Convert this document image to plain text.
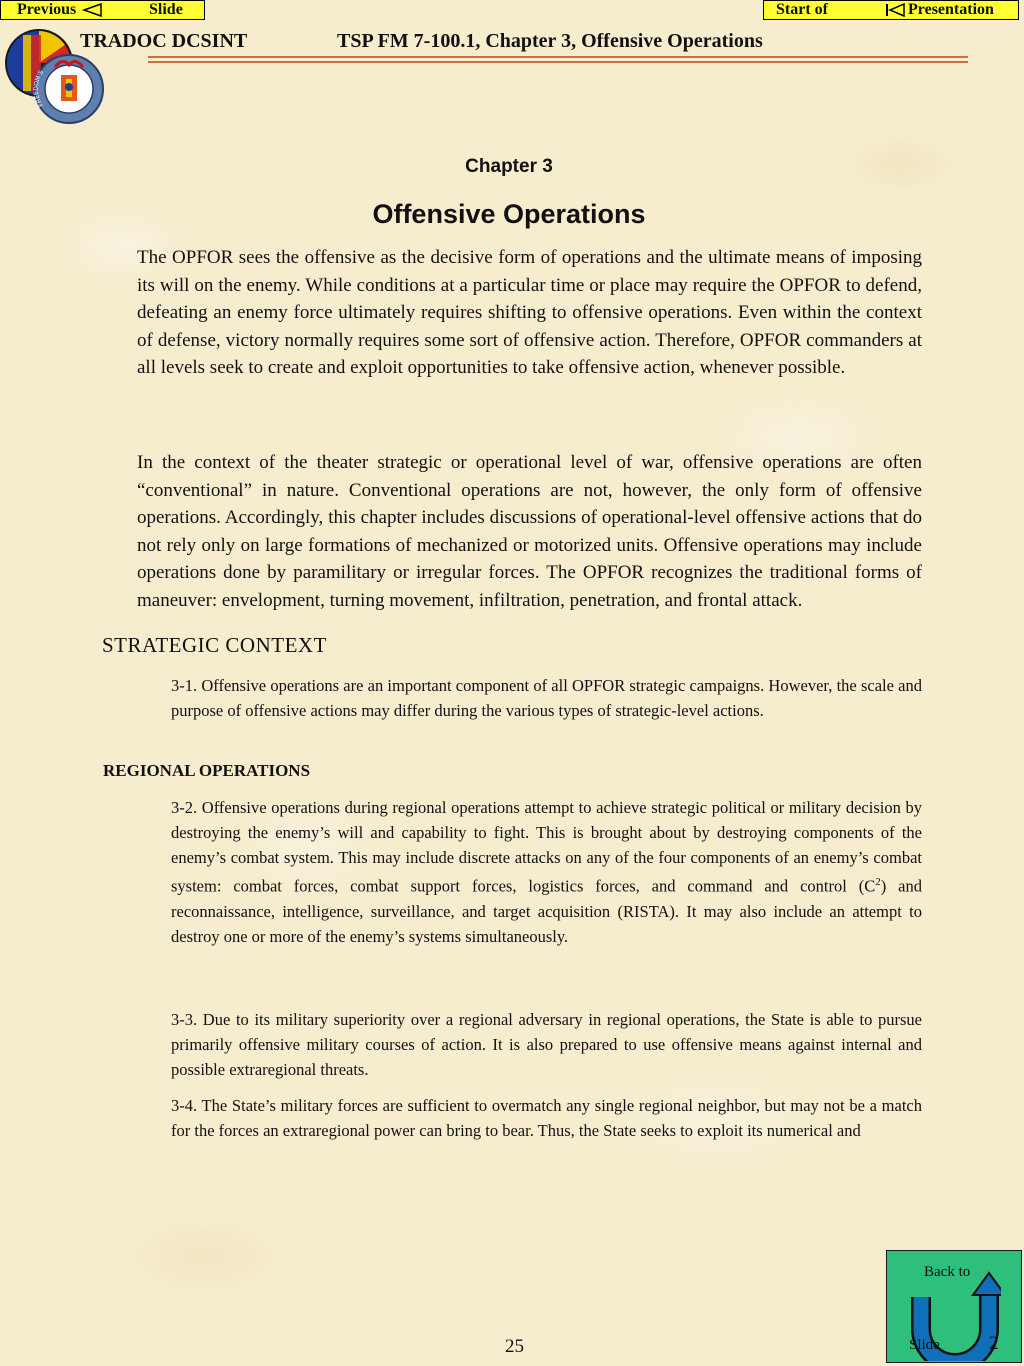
Previous	Slide	Start of	Presentation
FREEDOM'S
TRADOC DCSINT	TSP FM 7-100.1, Chapter 3, Offensive Operations
Chapter 3
Offensive Operations

The OPFOR sees the offensive as the decisive form of operations and the ultimate means of imposing its will on the enemy. While conditions at a particular time or place may require the OPFOR to defend, defeating an enemy force ultimately requires shifting to offensive operations. Even within the context of defense, victory normally requires some sort of offensive action. Therefore, OPFOR commanders at all levels seek to create and exploit opportunities to take offensive action, whenever possible.

In the context of the theater strategic or operational level of war, offensive operations are often “conventional” in nature. Conventional operations are not, however, the only form of offensive operations. Accordingly, this chapter includes discussions of operational-level offensive actions that do not rely only on large formations of mechanized or motorized units. Offensive operations may include operations done by paramilitary or irregular forces. The OPFOR recognizes the traditional forms of maneuver: envelopment, turning movement, infiltration, penetration, and frontal attack.

STRATEGIC CONTEXT

3-1. Offensive operations are an important component of all OPFOR strategic campaigns. However, the scale and purpose of offensive actions may differ during the various types of strategic-level actions.

REGIONAL OPERATIONS

3-2. Offensive operations during regional operations attempt to achieve strategic political or military decision by destroying the enemy’s will and capability to fight. This is brought about by destroying components of the enemy’s combat system. This may include discrete attacks on any of the four components of an enemy’s combat system: combat forces, combat support forces, logistics forces, and command and control $(C^2)$ and reconnaissance, intelligence, surveillance, and target acquisition (RISTA). It may also include an attempt to destroy one or more of the enemy’s systems simultaneously.

3-3. Due to its military superiority over a regional adversary in regional operations, the State is able to pursue primarily offensive military courses of action. It is also prepared to use offensive means against internal and possible extraregional threats.

3-4. The State’s military forces are sufficient to overmatch any single regional neighbor, but may not be a match for the forces an extraregional power can bring to bear. Thus, the State seeks to exploit its numerical and

25
Back to
Slide	2
